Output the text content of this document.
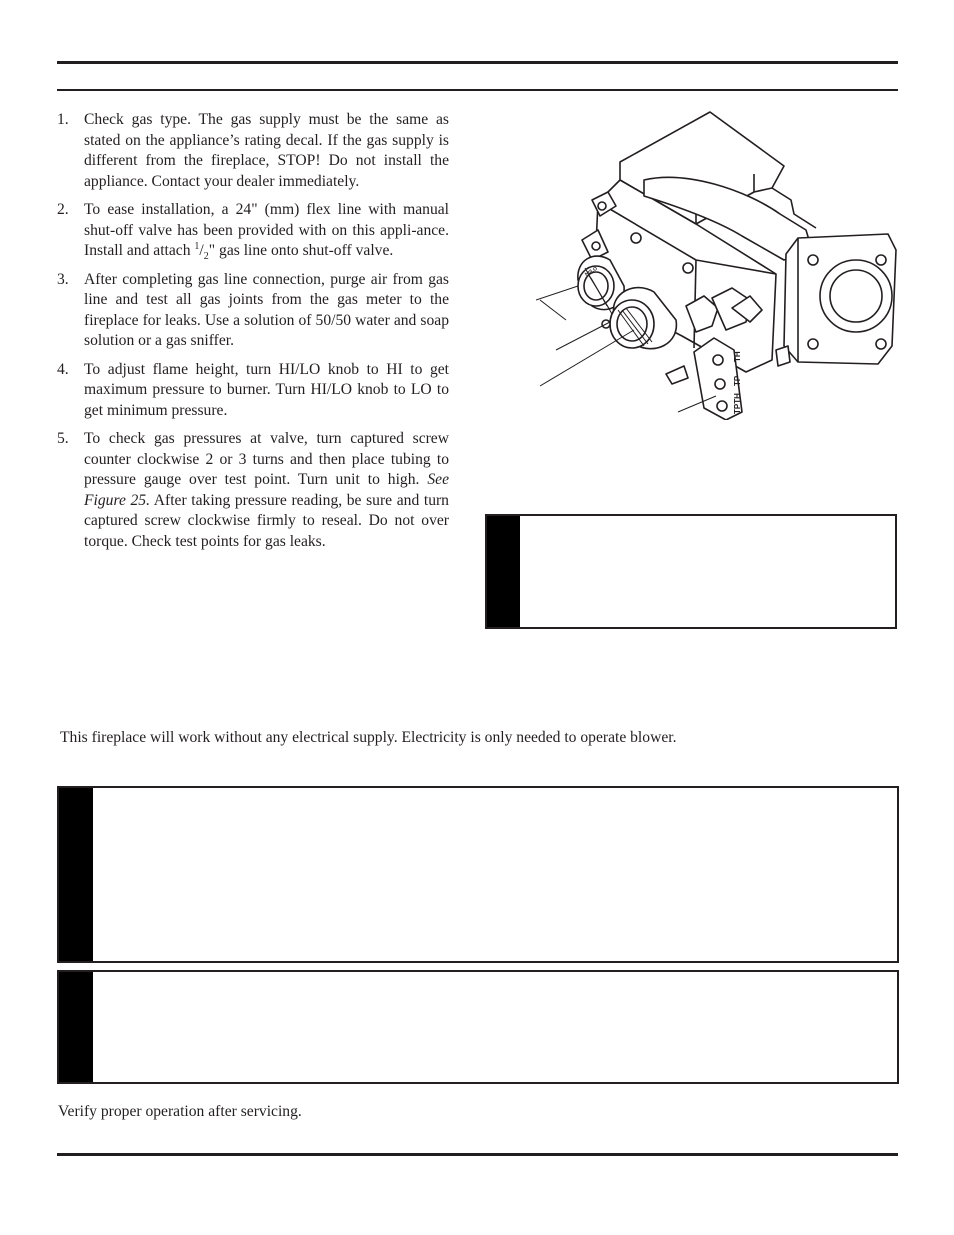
1. Check gas type. The gas supply must be the same as stated on the appliance’s rating decal. If the gas supply is different from the fireplace, STOP! Do not install the appliance. Contact your dealer immediately.
2. To ease installation, a 24" (mm) flex line with manual shut-off valve has been provided with on this appli-ance. Install and attach $^1/_2$" gas line onto shut-off valve.
3. After completing gas line connection, purge air from gas line and test all gas joints from the gas meter to the fireplace for leaks. Use a solution of 50/50 water and soap solution or a gas sniffer.
4. To adjust flame height, turn HI/LO knob to HI to get maximum pressure to burner. Turn HI/LO knob to LO to get minimum pressure.
5. To check gas pressures at valve, turn captured screw counter clockwise 2 or 3 turns and then place tubing to pressure gauge over test point. Turn unit to high. See Figure 25. After taking pressure reading, be sure and turn captured screw clockwise firmly to reseal. Do not over torque. Check test points for gas leaks.
TH
TP
TPTH
HI/LO

This fireplace will work without any electrical supply. Electricity is only needed to operate blower.

Verify proper operation after servicing.
